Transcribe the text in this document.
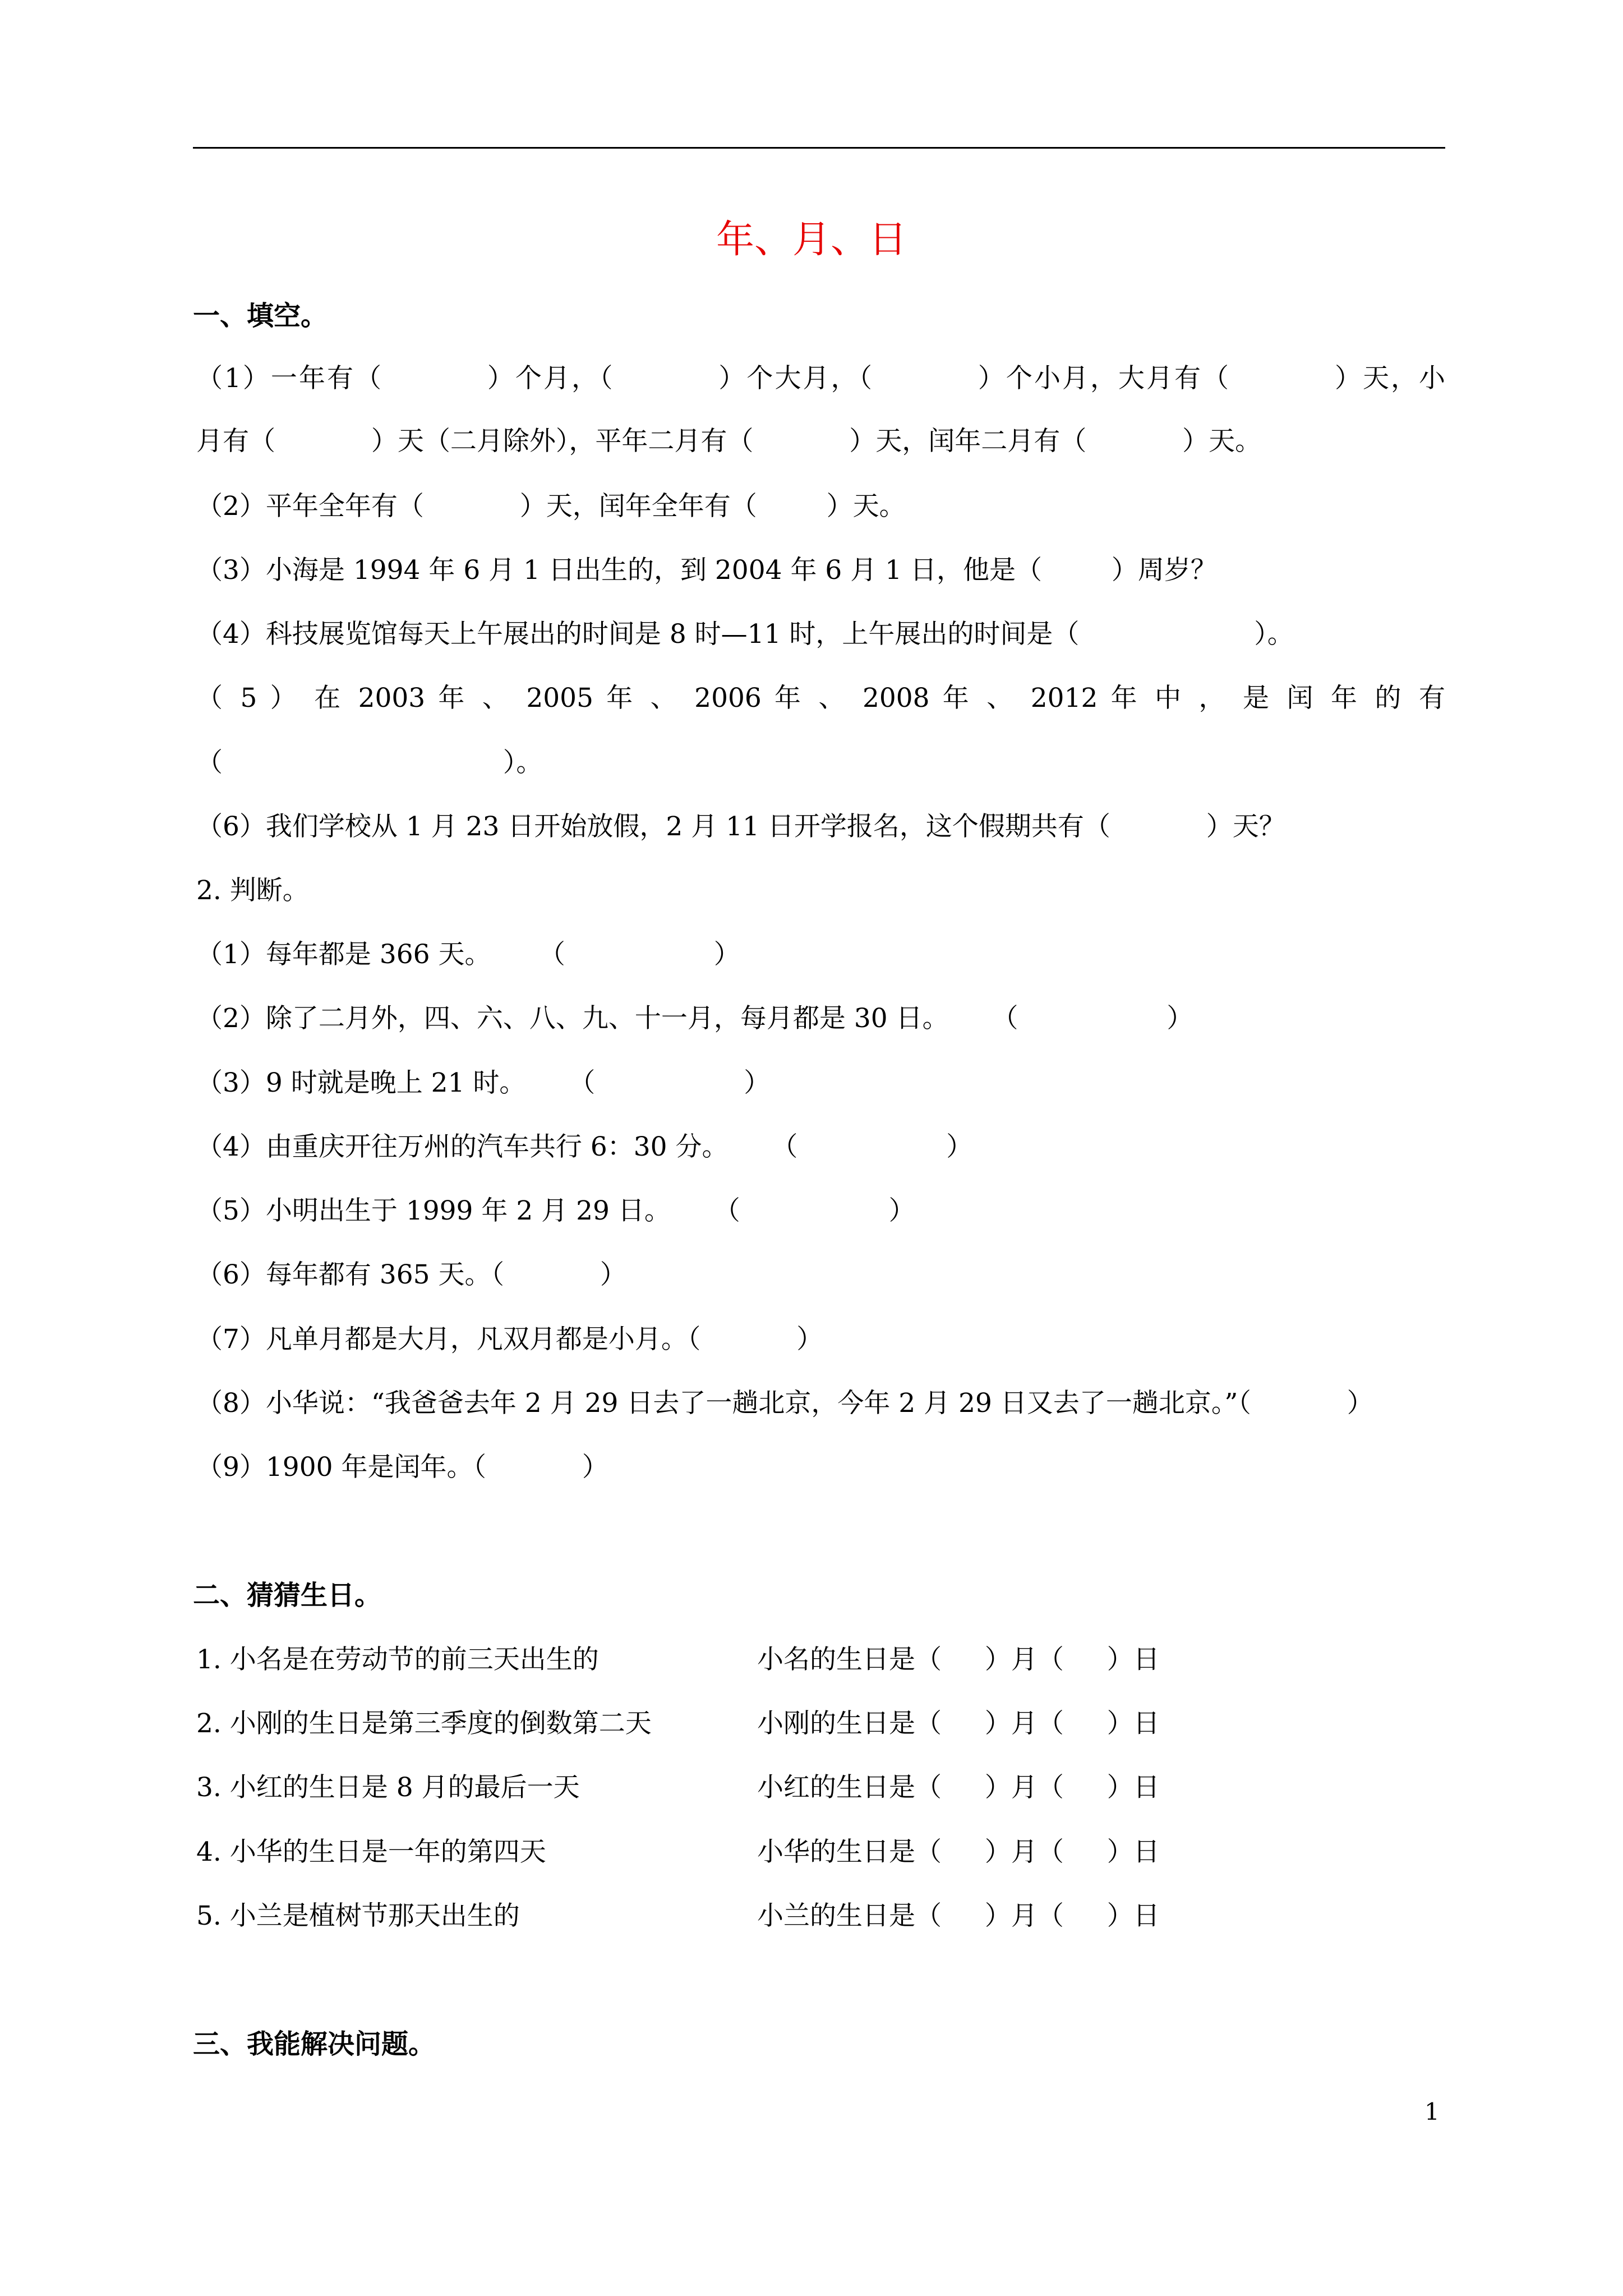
年、月、日
一、填空。
（1）一年有（ 　　　 ）个月，（ 　　　 ）个大月，（ 　　　 ）个小月，大月有（ 　　　 ）天，小
月有（ 　　　 ）天（二月除外），平年二月有（ 　　　 ）天，闰年二月有（ 　　　 ）天。
（2）平年全年有（ 　　　 ）天，闰年全年有（ 　　 ）天。
（3）小海是 1994 年 6 月 1 日出生的，到 2004 年 6 月 1 日，他是（ 　　 ）周岁？
（4）科技展览馆每天上午展出的时间是 8 时—11 时，上午展出的时间是（ 　　　　　　 ）。
（ 5 ） 在 2003 年 、 2005 年 、 2006 年 、 2008 年 、 2012 年 中 ， 是 闰 年 的 有
（ 　　　　　　　　　　 ）。
（6）我们学校从 1 月 23 日开始放假，2 月 11 日开学报名，这个假期共有（ 　　　 ）天？
2. 判断。
（1）每年都是 366 天。 　　（ 　　　　　 ）
（2）除了二月外，四、六、八、九、十一月，每月都是 30 日。 　 （ 　　　　　 ）
（3）9 时就是晚上 21 时。 　 （ 　　　　　 ）
（4）由重庆开往万州的汽车共行 6：30 分。 　 （ 　　　　　 ）
（5）小明出生于 1999 年 2 月 29 日。 　 （ 　　　　　 ）
（6）每年都有 365 天。（ 　　　 ）
（7）凡单月都是大月，凡双月都是小月。（ 　　　 ）
（8）小华说：“我爸爸去年 2 月 29 日去了一趟北京，今年 2 月 29 日又去了一趟北京。”（ 　　　 ）
（9）1900 年是闰年。（ 　　　 ）
二、猜猜生日。
1. 小名是在劳动节的前三天出生的	小名的生日是（ 　 ）月（ 　 ）日
2. 小刚的生日是第三季度的倒数第二天	小刚的生日是（ 　 ）月（ 　 ）日
3. 小红的生日是 8 月的最后一天	小红的生日是（ 　 ）月（ 　 ）日
4. 小华的生日是一年的第四天	小华的生日是（ 　 ）月（ 　 ）日
5. 小兰是植树节那天出生的	小兰的生日是（ 　 ）月（ 　 ）日
三、我能解决问题。
1
